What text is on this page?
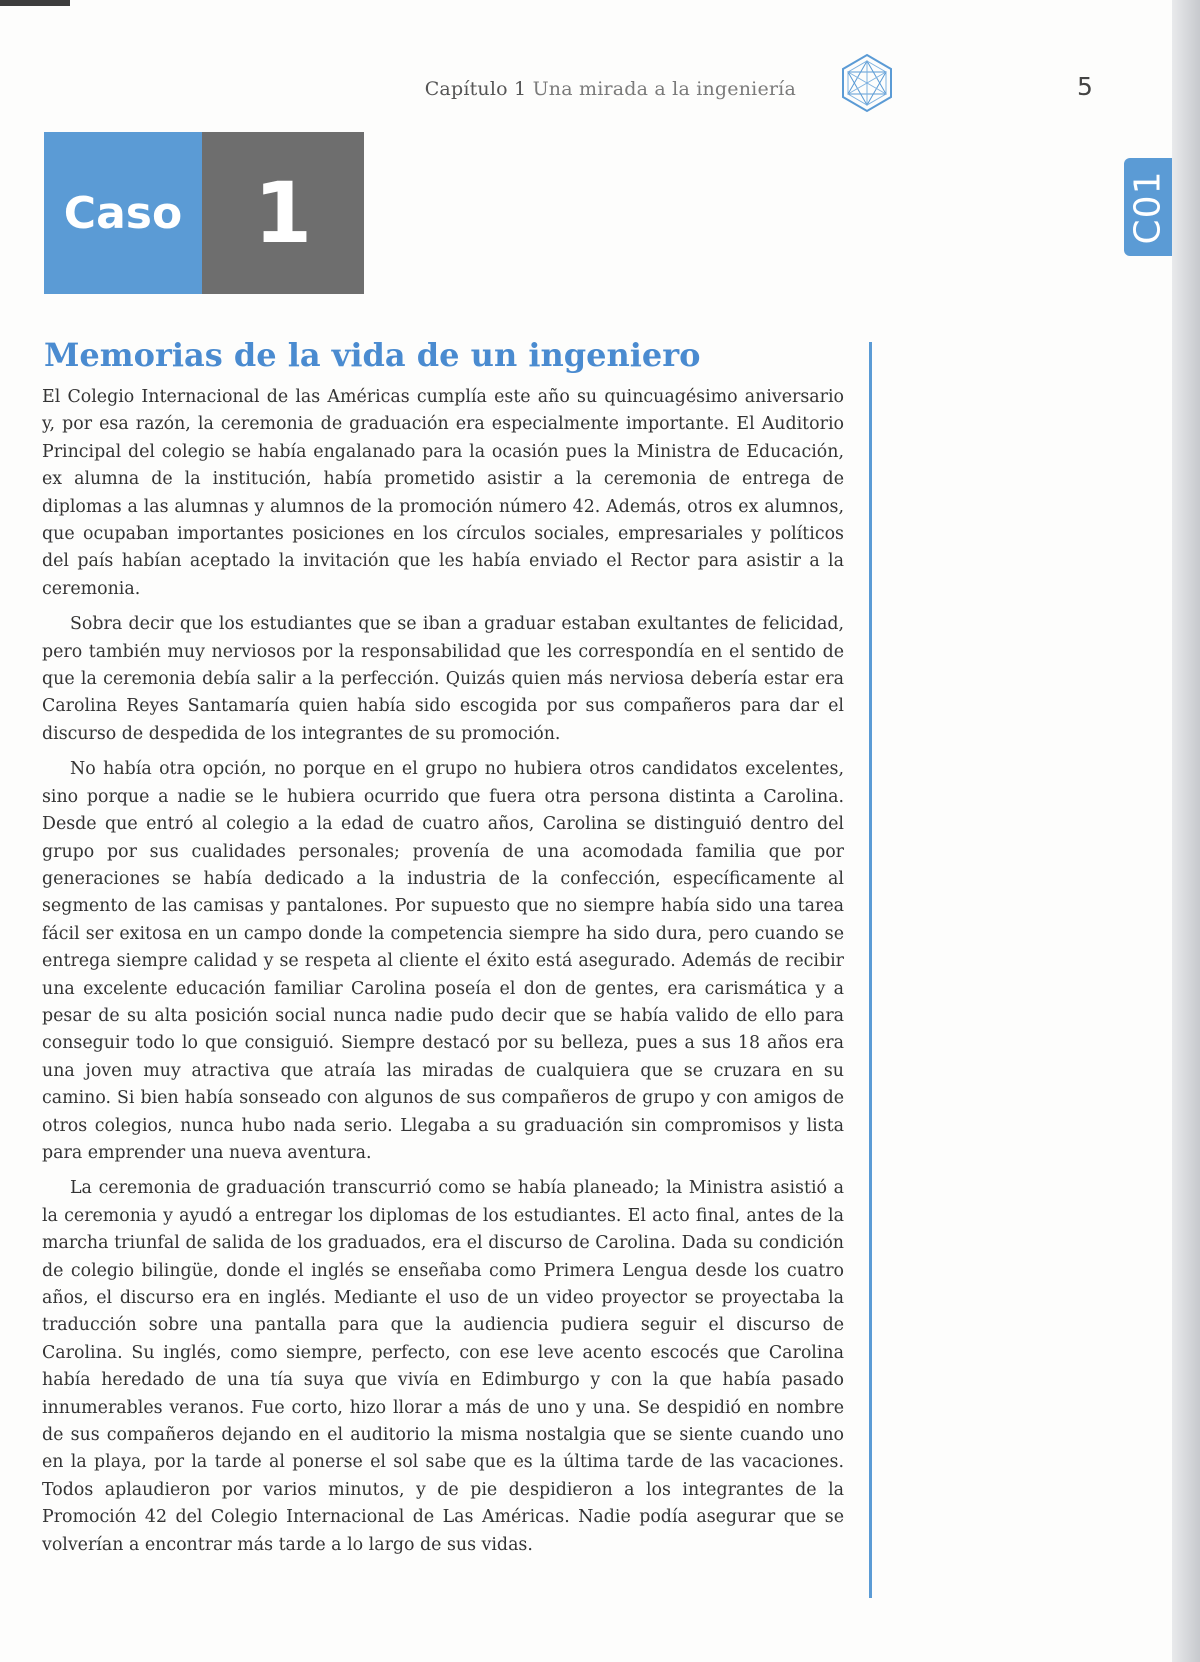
Capítulo 1 Una mirada a la ingeniería	5
Caso 1
Memorias de la vida de un ingeniero

El Colegio Internacional de las Américas cumplía este año su quincuagésimo aniversario y, por esa razón, la ceremonia de graduación era especialmente importante. El Auditorio Principal del colegio se había engalanado para la ocasión pues la Ministra de Educación, ex alumna de la institución, había prometido asistir a la ceremonia de entrega de diplomas a las alumnas y alumnos de la promoción número 42. Además, otros ex alumnos, que ocupaban importantes posiciones en los círculos sociales, empresariales y políticos del país habían aceptado la invitación que les había enviado el Rector para asistir a la ceremonia.

Sobra decir que los estudiantes que se iban a graduar estaban exultantes de felicidad, pero también muy nerviosos por la responsabilidad que les correspondía en el sentido de que la ceremonia debía salir a la perfección. Quizás quien más nerviosa debería estar era Carolina Reyes Santamaría quien había sido escogida por sus compañeros para dar el discurso de despedida de los integrantes de su promoción.

No había otra opción, no porque en el grupo no hubiera otros candidatos excelentes, sino porque a nadie se le hubiera ocurrido que fuera otra persona distinta a Carolina. Desde que entró al colegio a la edad de cuatro años, Carolina se distinguió dentro del grupo por sus cualidades personales; provenía de una acomodada familia que por generaciones se había dedicado a la industria de la confección, específicamente al segmento de las camisas y pantalones. Por supuesto que no siempre había sido una tarea fácil ser exitosa en un campo donde la competencia siempre ha sido dura, pero cuando se entrega siempre calidad y se respeta al cliente el éxito está asegurado. Además de recibir una excelente educación familiar Carolina poseía el don de gentes, era carismática y a pesar de su alta posición social nunca nadie pudo decir que se había valido de ello para conseguir todo lo que consiguió. Siempre destacó por su belleza, pues a sus 18 años era una joven muy atractiva que atraía las miradas de cualquiera que se cruzara en su camino. Si bien había sonseado con algunos de sus compañeros de grupo y con amigos de otros colegios, nunca hubo nada serio. Llegaba a su graduación sin compromisos y lista para emprender una nueva aventura.

La ceremonia de graduación transcurrió como se había planeado; la Ministra asistió a la ceremonia y ayudó a entregar los diplomas de los estudiantes. El acto final, antes de la marcha triunfal de salida de los graduados, era el discurso de Carolina. Dada su condición de colegio bilingüe, donde el inglés se enseñaba como Primera Lengua desde los cuatro años, el discurso era en inglés. Mediante el uso de un video proyector se proyectaba la traducción sobre una pantalla para que la audiencia pudiera seguir el discurso de Carolina. Su inglés, como siempre, perfecto, con ese leve acento escocés que Carolina había heredado de una tía suya que vivía en Edimburgo y con la que había pasado innumerables veranos. Fue corto, hizo llorar a más de uno y una. Se despidió en nombre de sus compañeros dejando en el auditorio la misma nostalgia que se siente cuando uno en la playa, por la tarde al ponerse el sol sabe que es la última tarde de las vacaciones. Todos aplaudieron por varios minutos, y de pie despidieron a los integrantes de la Promoción 42 del Colegio Internacional de Las Américas. Nadie podía asegurar que se volverían a encontrar más tarde a lo largo de sus vidas.

C01
